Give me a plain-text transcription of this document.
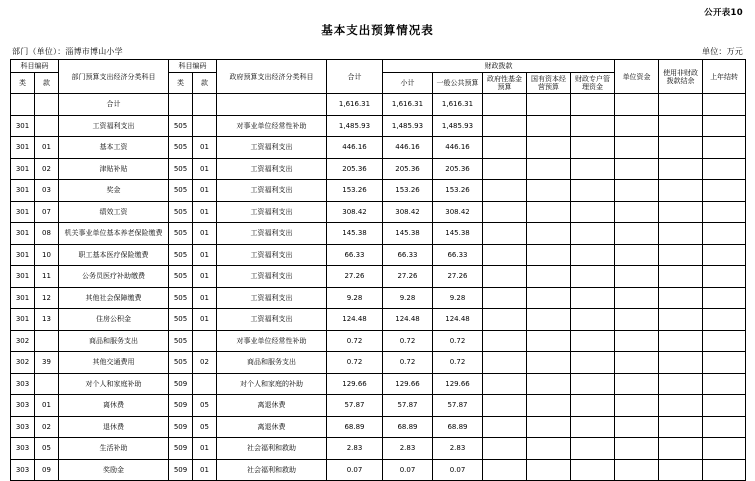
公开表10
基本支出预算情况表
部门（单位）：淄博市博山小学	单位：万元
科目编码		部门预算支出经济分类科目	科目编码		政府预算支出经济分类科目	合计	财政拨款					单位资金	使用非财政拨款结余	上年结转
类	款		类	款			小计	一般公共预算	政府性基金预算	国有资本经营预算	财政专户管理资金			
		合计				1,616.31	1,616.31	1,616.31						
301		工资福利支出	505		对事业单位经常性补助	1,485.93	1,485.93	1,485.93						
301	01	基本工资	505	01	工资福利支出	446.16	446.16	446.16						
301	02	津贴补贴	505	01	工资福利支出	205.36	205.36	205.36						
301	03	奖金	505	01	工资福利支出	153.26	153.26	153.26						
301	07	绩效工资	505	01	工资福利支出	308.42	308.42	308.42						
301	08	机关事业单位基本养老保险缴费	505	01	工资福利支出	145.38	145.38	145.38						
301	10	职工基本医疗保险缴费	505	01	工资福利支出	66.33	66.33	66.33						
301	11	公务员医疗补助缴费	505	01	工资福利支出	27.26	27.26	27.26						
301	12	其他社会保障缴费	505	01	工资福利支出	9.28	9.28	9.28						
301	13	住房公积金	505	01	工资福利支出	124.48	124.48	124.48						
302		商品和服务支出	505		对事业单位经常性补助	0.72	0.72	0.72						
302	39	其他交通费用	505	02	商品和服务支出	0.72	0.72	0.72						
303		对个人和家庭补助	509		对个人和家庭的补助	129.66	129.66	129.66						
303	01	离休费	509	05	离退休费	57.87	57.87	57.87						
303	02	退休费	509	05	离退休费	68.89	68.89	68.89						
303	05	生活补助	509	01	社会福利和救助	2.83	2.83	2.83						
303	09	奖励金	509	01	社会福利和救助	0.07	0.07	0.07						
